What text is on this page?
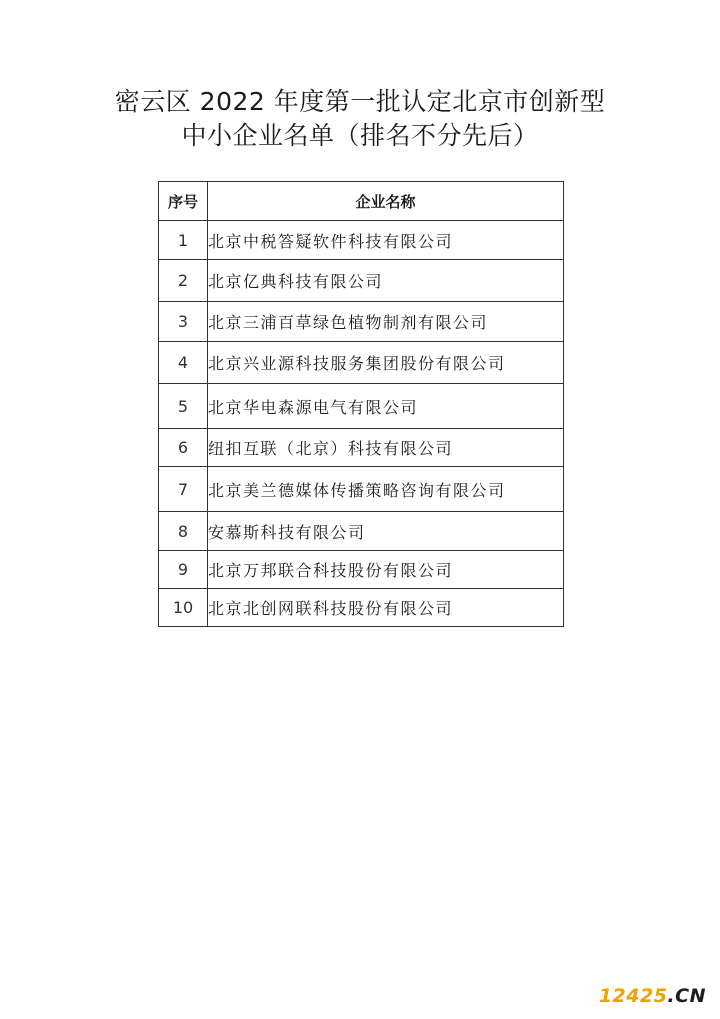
密云区 2022 年度第一批认定北京市创新型
中小企业名单（排名不分先后）
序号	企业名称
1	北京中税答疑软件科技有限公司
2	北京亿典科技有限公司
3	北京三浦百草绿色植物制剂有限公司
4	北京兴业源科技服务集团股份有限公司
5	北京华电森源电气有限公司
6	纽扣互联（北京）科技有限公司
7	北京美兰德媒体传播策略咨询有限公司
8	安慕斯科技有限公司
9	北京万邦联合科技股份有限公司
10	北京北创网联科技股份有限公司
12425.CN
